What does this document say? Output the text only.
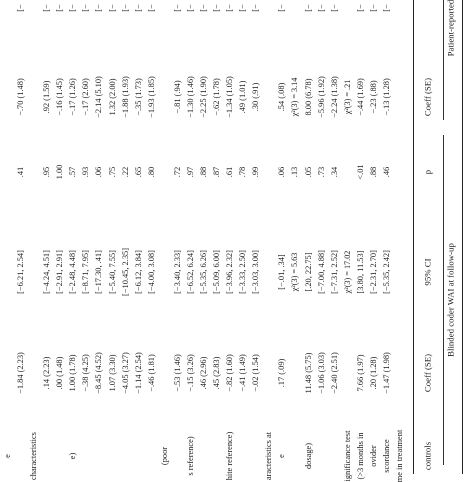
Blinded coder WAI at follow-up
Patient-reported
controls
Coeff (SE)
95% CI
p
Coeff (SE)
me in treatment
scordance
−1.47 (1.98)
[−5.35, 2.42]
.46
−.13 (1.28)
ovider
.20 (1.28)
[−2.31, 2.70]
.88
−.23 (.88)
(>3 months in
7.66 (1.97)
[3.80, 11.53]
<.01
−.44 (1.69)
ignificance test
−2.40 (2.51)
[−7.31, 2.52]
.34
−2.24 (1.38)
−1.06 (3.03)
[−7.00, 4.88]
.73
−5.96 (1.92)
dosage)
11.48 (5.75)
[.20, 22.75]
.05
8.00 (6.78)
.13
e
.17 (.09)
[−.01, .34]
.06
.54 (.08)
aracteristics at
−.02 (1.54)
[−3.03, 3.00]
.99
.30 (.91)
−.41 (1.49)
[−3.33, 2.50]
.78
.49 (1.01)
hite reference)
−.82 (1.60)
[−3.96, 2.32]
.61
−1.34 (1.05)
.45 (2.83)
[−5.09, 6.00]
.87
−.62 (1.78)
.46 (2.96)
[−5.35, 6.26]
.88
−2.25 (1.90)
s reference)
−.15 (3.26)
[−6.52, 6.24]
.97
−1.30 (1.46)
−.53 (1.46)
[−3.40, 2.33]
.72
−.81 (.94)
(poor
−.46 (1.81)
[−4.00, 3.08]
.80
−1.93 (1.85)
−1.14 (2.54)
[−6.12, 3.84]
.65
−.35 (1.73)
−4.05 (3.27)
[−10.45, 2.35]
.22
−1.88 (1.93)
1.07 (3.30)
[−5.40, 7.55]
.75
1.32 (2.00)
−8.45 (4.52)
[−17.30, .41]
.06
−2.14 (5.10)
−.38 (4.25)
[−8.71, 7.95]
.93
−.17 (2.60)
e)
1.00 (1.78)
[−2.48, 4.48]
.57
−.17 (1.26)
.00 (1.48)
[−2.91, 2.91]
1.00
−.16 (1.45)
.14 (2.23)
[−4.24, 4.51]
.95
.92 (1.59)
characteristics
−1.84 (2.23)
[−6.21, 2.54]
.41
−.70 (1.48)
e
χ²(3) = 17.02
χ²(3) = 5.63
χ²(3) = .21
χ²(3) = 3.14
[−
[−
[−
[−
[−
[−
[−
[−
[−
[−
[−
[−
[−
[−
[−
[−
[−
[−
[−
[−
[−
[−
[−
[−
